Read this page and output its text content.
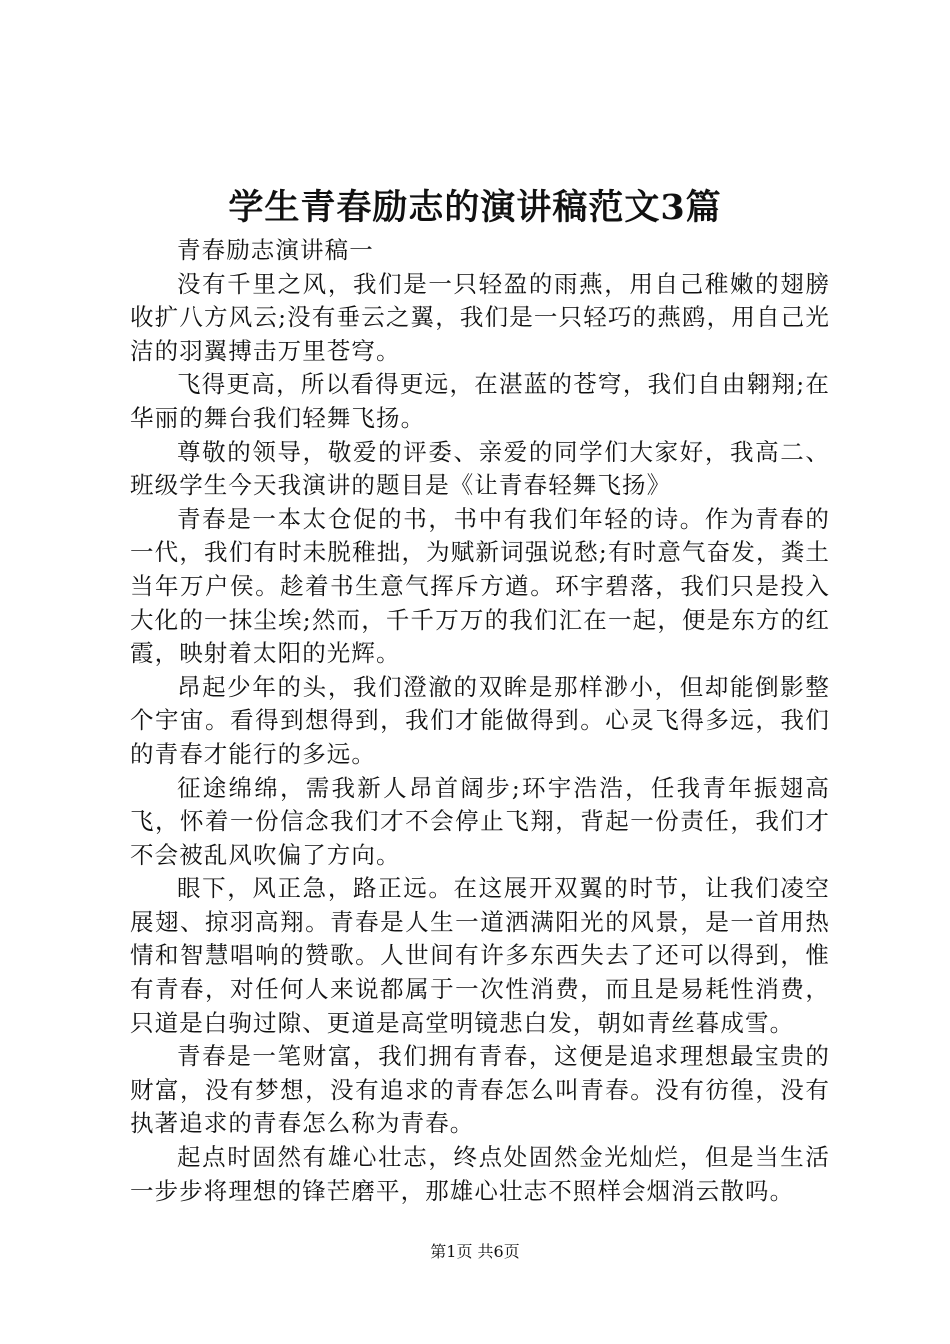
学生青春励志的演讲稿范文3篇

青春励志演讲稿一

没有千里之风，我们是一只轻盈的雨燕，用自己稚嫩的翅膀收扩八方风云;没有垂云之翼，我们是一只轻巧的燕鸥，用自己光洁的羽翼搏击万里苍穹。

飞得更高，所以看得更远，在湛蓝的苍穹，我们自由翱翔;在华丽的舞台我们轻舞飞扬。

尊敬的领导，敬爱的评委、亲爱的同学们大家好，我高二、班级学生今天我演讲的题目是《让青春轻舞飞扬》

青春是一本太仓促的书，书中有我们年轻的诗。作为青春的一代，我们有时未脱稚拙，为赋新词强说愁;有时意气奋发，粪土当年万户侯。趁着书生意气挥斥方遒。环宇碧落，我们只是投入大化的一抹尘埃;然而，千千万万的我们汇在一起，便是东方的红霞，映射着太阳的光辉。

昂起少年的头，我们澄澈的双眸是那样渺小，但却能倒影整个宇宙。看得到想得到，我们才能做得到。心灵飞得多远，我们的青春才能行的多远。

征途绵绵，需我新人昂首阔步;环宇浩浩，任我青年振翅高飞，怀着一份信念我们才不会停止飞翔，背起一份责任，我们才不会被乱风吹偏了方向。

眼下，风正急，路正远。在这展开双翼的时节，让我们凌空展翅、掠羽高翔。青春是人生一道洒满阳光的风景，是一首用热情和智慧唱响的赞歌。人世间有许多东西失去了还可以得到，惟有青春，对任何人来说都属于一次性消费，而且是易耗性消费，只道是白驹过隙、更道是高堂明镜悲白发，朝如青丝暮成雪。

青春是一笔财富，我们拥有青春，这便是追求理想最宝贵的财富，没有梦想，没有追求的青春怎么叫青春。没有彷徨，没有执著追求的青春怎么称为青春。

起点时固然有雄心壮志，终点处固然金光灿烂，但是当生活一步步将理想的锋芒磨平，那雄心壮志不照样会烟消云散吗。

第1页 共6页
